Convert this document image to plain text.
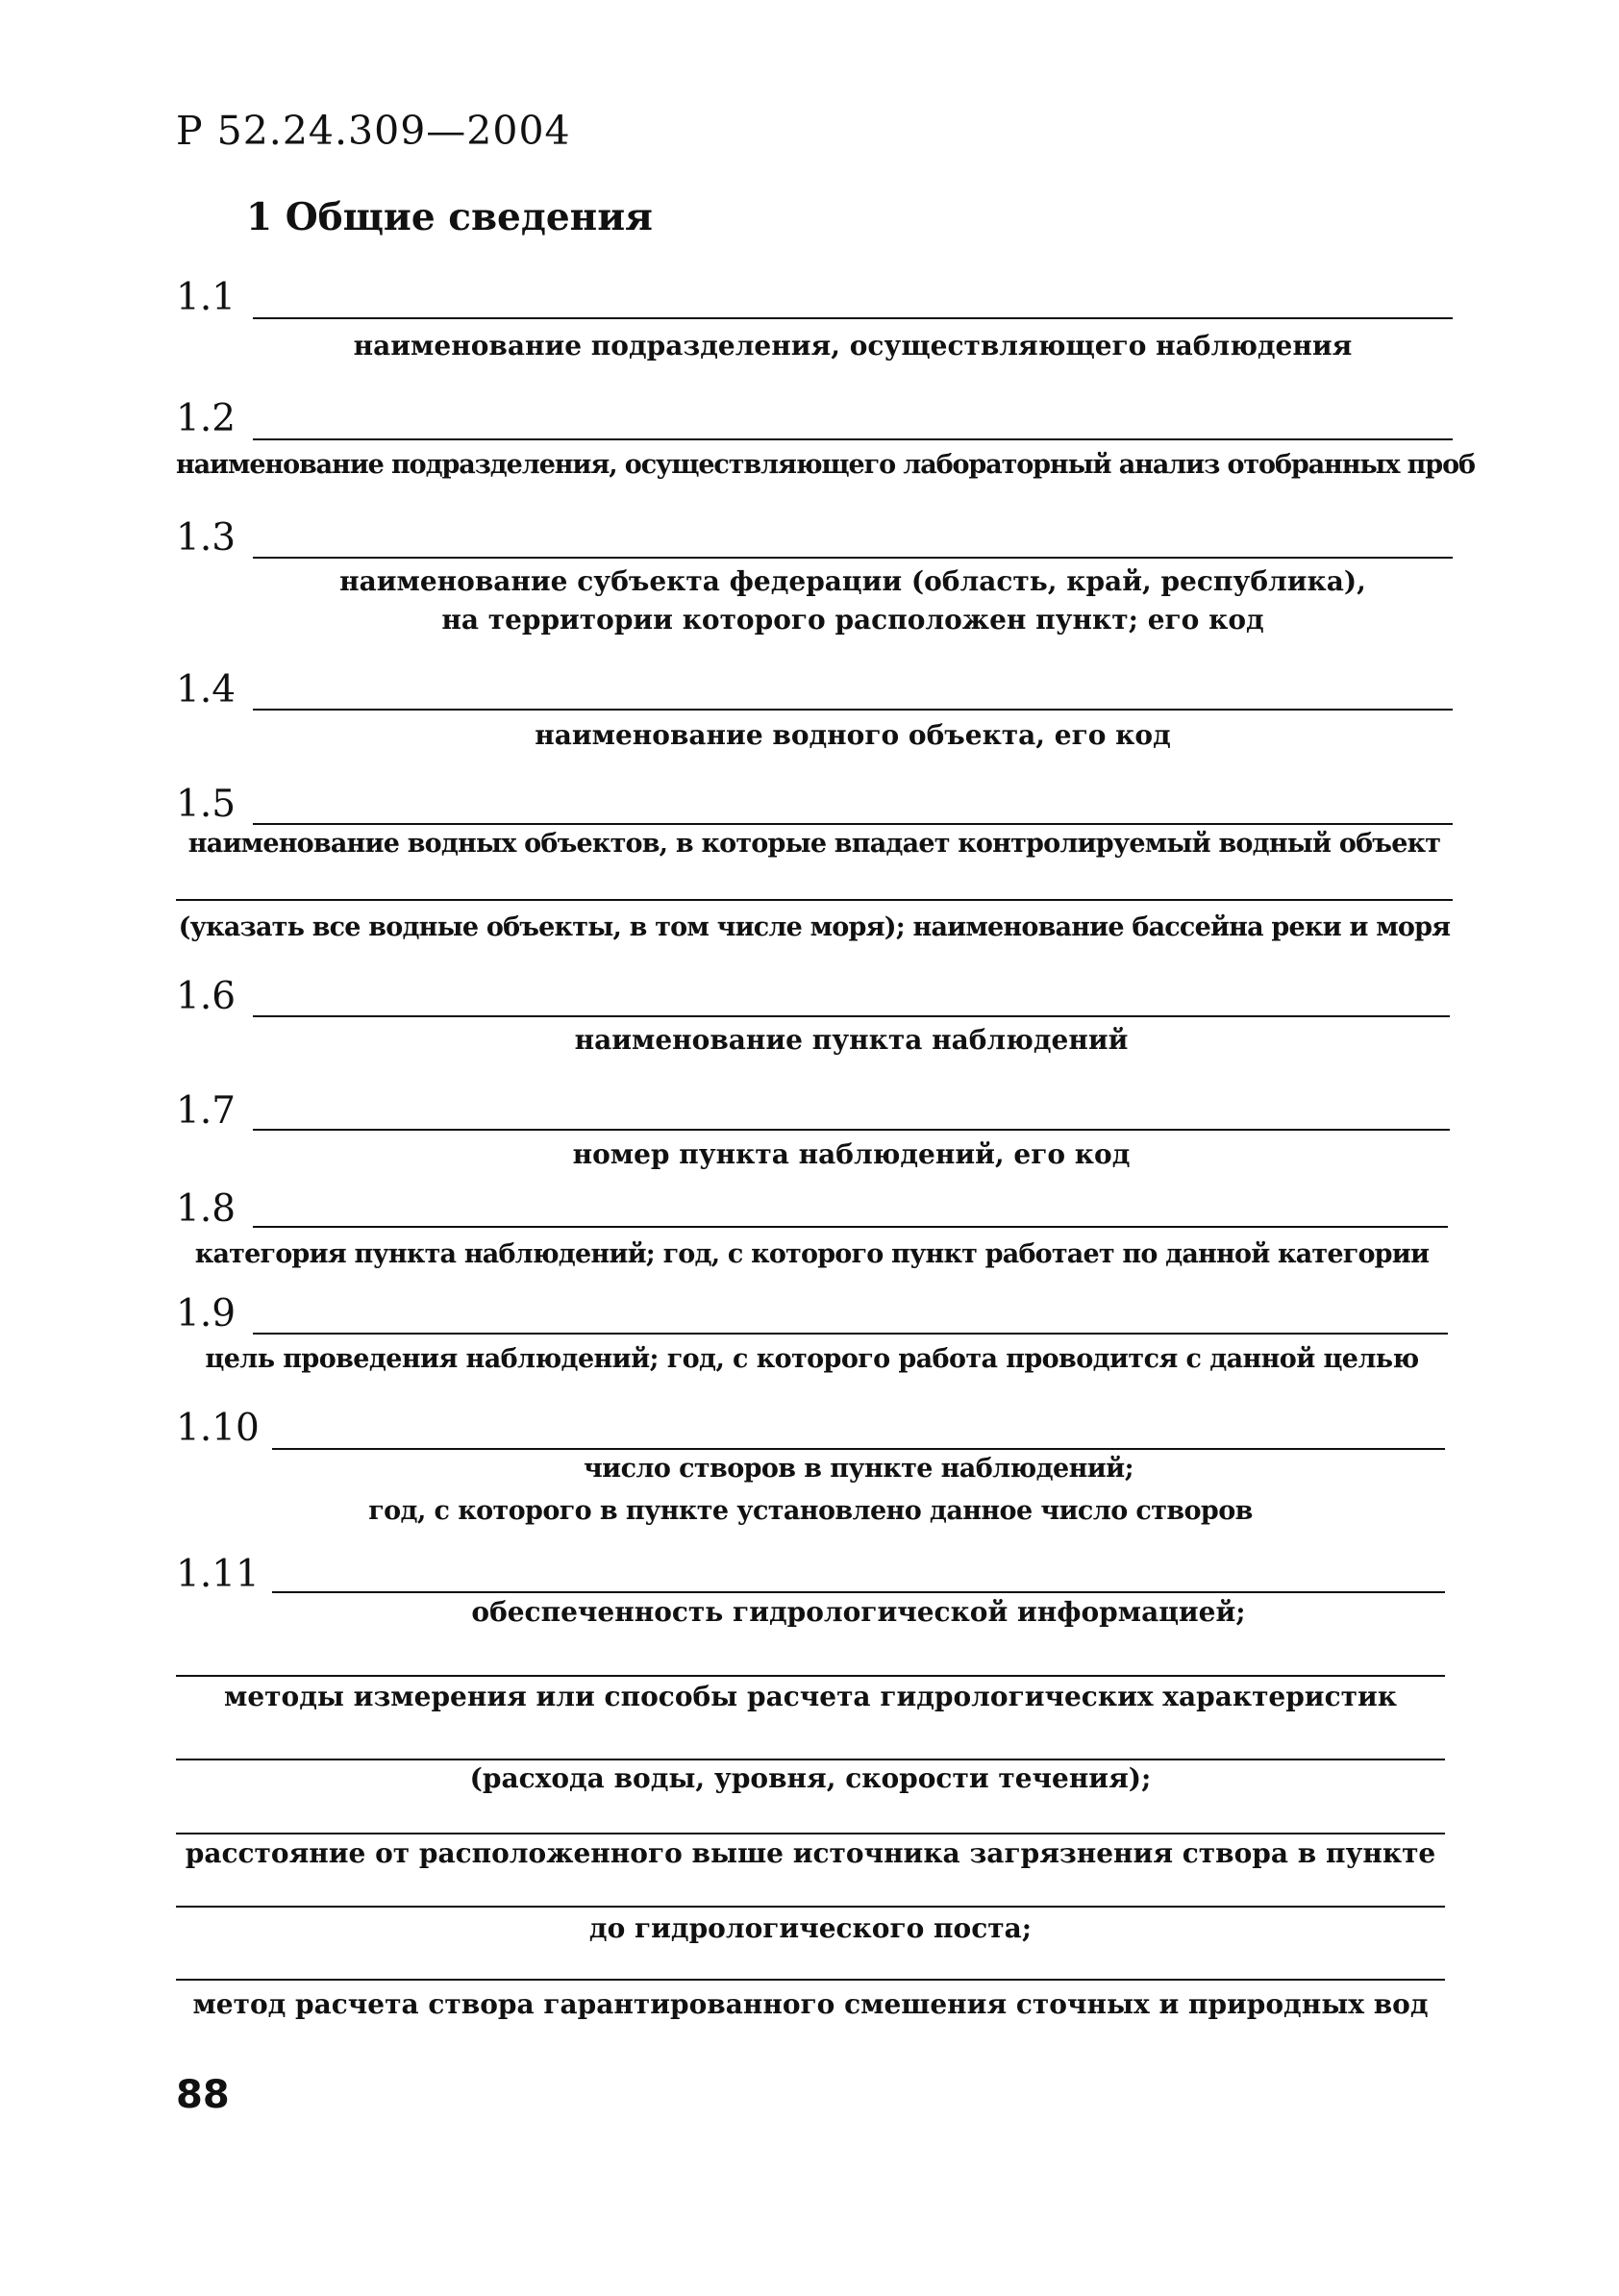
Р 52.24.309—2004
1 Общие сведения
1.1
наименование подразделения, осуществляющего наблюдения
1.2
наименование подразделения, осуществляющего лабораторный анализ отобранных проб
1.3
наименование субъекта федерации (область, край, республика),
на территории которого расположен пункт; его код
1.4
наименование водного объекта, его код
1.5
наименование водных объектов, в которые впадает контролируемый водный объект
(указать все водные объекты, в том числе моря); наименование бассейна реки и моря
1.6
наименование пункта наблюдений
1.7
номер пункта наблюдений, его код
1.8
категория пункта наблюдений; год, с которого пункт работает по данной категории
1.9
цель проведения наблюдений; год, с которого работа проводится с данной целью
1.10
число створов в пункте наблюдений;
год, с которого в пункте установлено данное число створов
1.11
обеспеченность гидрологической информацией;
методы измерения или способы расчета гидрологических характеристик
(расхода воды, уровня, скорости течения);
расстояние от расположенного выше источника загрязнения створа в пункте
до гидрологического поста;
метод расчета створа гарантированного смешения сточных и природных вод
88
